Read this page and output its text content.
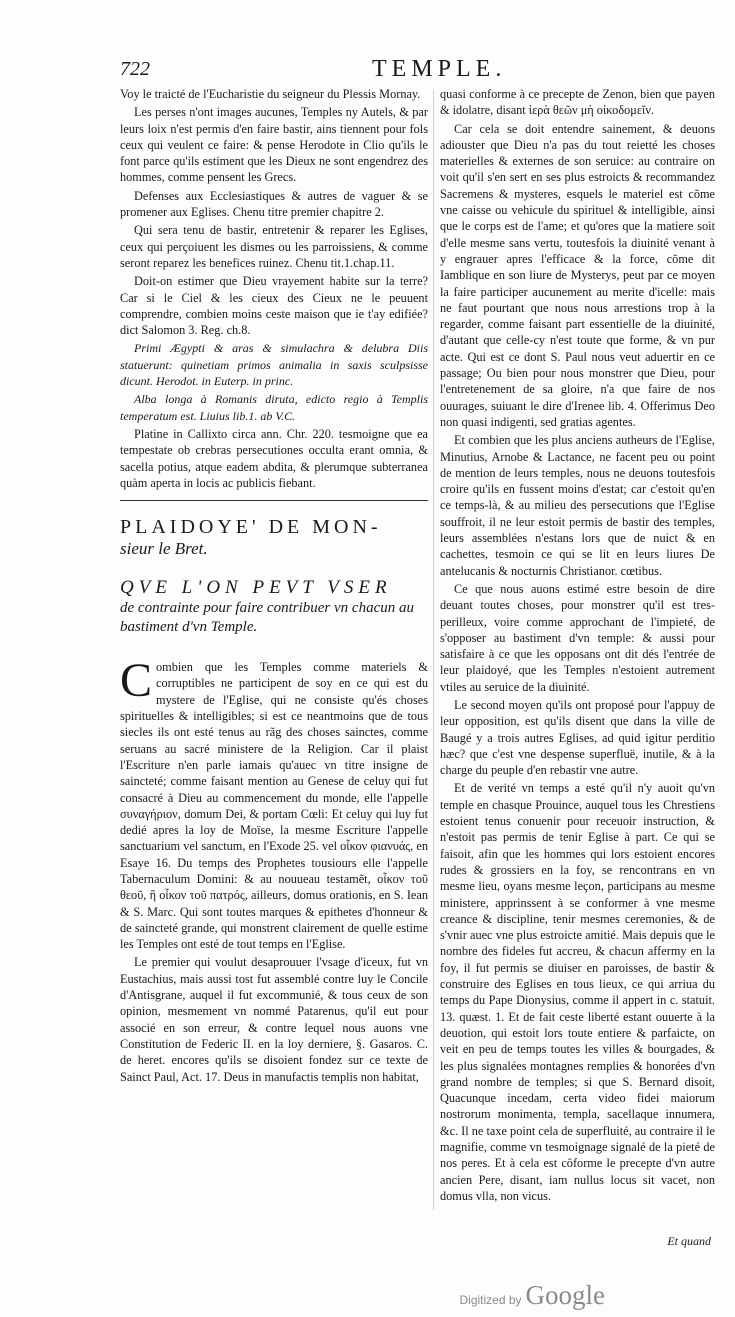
722	TEMPLE.

Voy le traicté de l'Eucharistie du seigneur du Plessis Mornay.

Les perses n'ont images aucunes, Temples ny Autels, & par leurs loix n'est permis d'en faire bastir, ains tiennent pour fols ceux qui veulent ce faire: & pense Herodote in Clio qu'ils le font parce qu'ils estiment que les Dieux ne sont engendrez des hommes, comme pensent les Grecs.

Defenses aux Ecclesiastiques & autres de vaguer & se promener aux Eglises. Chenu titre premier chapitre 2.

Qui sera tenu de bastir, entretenir & reparer les Eglises, ceux qui perçoiuent les dismes ou les parroissiens, & comme seront reparez les benefices ruinez. Chenu tit.1.chap.11.

Doit-on estimer que Dieu vrayement habite sur la terre? Car si le Ciel & les cieux des Cieux ne le peuuent comprendre, combien moins ceste maison que ie t'ay edifiée? dict Salomon 3. Reg. ch.8.

Primi Ægypti & aras & simulachra & delubra Diis statuerunt: quinetiam primos animalia in saxis sculpsisse dicunt. Herodot. in Euterp. in princ.

Alba longa à Romanis diruta, edicto regio à Templis temperatum est. Liuius lib.1. ab V.C.

Platine in Callixto circa ann. Chr. 220. tesmoigne que ea tempestate ob crebras persecutiones occulta erant omnia, & sacella potius, atque eadem abdita, & plerumque subterranea quàm aperta in locis ac publicis fiebant.

PLAIDOYE' DE MON-

sieur le Bret.

QVE L'ON PEVT VSER

de contrainte pour faire contribuer vn chacun au bastiment d'vn Temple.

Combien que les Temples comme materiels & corruptibles ne participent de soy en ce qui est du mystere de l'Eglise, qui ne consiste qu'és choses spirituelles & intelligibles; si est ce neantmoins que de tous siecles ils ont esté tenus au rãg des choses sainctes, comme seruans au sacré ministere de la Religion. Car il plaist l'Escriture n'en parle iamais qu'auec vn titre insigne de saincteté; comme faisant mention au Genese de celuy qui fut consacré à Dieu au commencement du monde, elle l'appelle συναγήριον, domum Dei, & portam Cœli: Et celuy qui luy fut dedié apres la loy de Moïse, la mesme Escriture l'appelle sanctuarium vel sanctum, en l'Exode 25. vel οἶκον φιανυάς, en Esaye 16. Du temps des Prophetes tousiours elle l'appelle Tabernaculum Domini: & au nouueau testamẽt, οἶκον τοῦ θεοῦ, ἢ οἶκον τοῦ πατρός, ailleurs, domus orationis, en S. Iean & S. Marc. Qui sont toutes marques & epithetes d'honneur & de saincteté grande, qui monstrent clairement de quelle estime les Temples ont esté de tout temps en l'Eglise.

Le premier qui voulut desaprouuer l'vsage d'iceux, fut vn Eustachius, mais aussi tost fut assemblé contre luy le Concile d'Antisgrane, auquel il fut excommunié, & tous ceux de son opinion, mesmement vn nommé Patarenus, qu'il eut pour associé en son erreur, & contre lequel nous auons vne Constitution de Federic II. en la loy derniere, §. Gasaros. C. de heret. encores qu'ils se disoient fondez sur ce texte de Sainct Paul, Act. 17. Deus in manufactis templis non habitat,

quasi conforme à ce precepte de Zenon, bien que payen & idolatre, disant ἱερὰ θεῶν μὴ οἰκοδομεῖν.

Car cela se doit entendre sainement, & deuons adiouster que Dieu n'a pas du tout reietté les choses materielles & externes de son seruice: au contraire on voit qu'il s'en sert en ses plus estroicts & recommandez Sacremens & mysteres, esquels le materiel est cõme vne caisse ou vehicule du spirituel & intelligible, ainsi que le corps est de l'ame; et qu'ores que la matiere soit d'elle mesme sans vertu, toutesfois la diuinité venant à y engrauer apres l'efficace & la force, cõme dit Iamblique en son liure de Mysterys, peut par ce moyen la faire participer aucunement au merite d'icelle: mais ne faut pourtant que nous nous arrestions trop à la regarder, comme faisant part essentielle de la diuinité, d'autant que celle-cy n'est toute que forme, & vn pur acte. Qui est ce dont S. Paul nous veut aduertir en ce passage; Ou bien pour nous monstrer que Dieu, pour l'entretenement de sa gloire, n'a que faire de nos ouurages, suiuant le dire d'Irenee lib. 4. Offerimus Deo non quasi indigenti, sed gratias agentes.

Et combien que les plus anciens autheurs de l'Eglise, Minutius, Arnobe & Lactance, ne facent peu ou point de mention de leurs temples, nous ne deuons toutesfois croire qu'ils en fussent moins d'estat; car c'estoit qu'en ce temps-là, & au milieu des persecutions que l'Eglise souffroit, il ne leur estoit permis de bastir des temples, leurs assemblées n'estans lors que de nuict & en cachettes, tesmoin ce qui se lit en leurs liures De antelucanis & nocturnis Christianor. cœtibus.

Ce que nous auons estimé estre besoin de dire deuant toutes choses, pour monstrer qu'il est tres-perilleux, voire comme approchant de l'impieté, de s'opposer au bastiment d'vn temple: & aussi pour satisfaire à ce que les opposans ont dit dés l'entrée de leur plaidoyé, que les Temples n'estoient autrement vtiles au seruice de la diuinité.

Le second moyen qu'ils ont proposé pour l'appuy de leur opposition, est qu'ils disent que dans la ville de Baugé y a trois autres Eglises, ad quid igitur perditio hæc? que c'est vne despense superfluë, inutile, & à la charge du peuple d'en rebastir vne autre.

Et de verité vn temps a esté qu'il n'y auoit qu'vn temple en chasque Prouince, auquel tous les Chrestiens estoient tenus conuenir pour receuoir instruction, & n'estoit pas permis de tenir Eglise à part. Ce qui se faisoit, afin que les hommes qui lors estoient encores rudes & grossiers en la foy, se rencontrans en vn mesme lieu, oyans mesme leçon, participans au mesme ministere, apprinssent à se conformer à vne mesme creance & discipline, tenir mesmes ceremonies, & de s'vnir auec vne plus estroicte amitié. Mais depuis que le nombre des fideles fut accreu, & chacun affermy en la foy, il fut permis se diuiser en paroisses, de bastir & construire des Eglises en tous lieux, ce qui arriua du temps du Pape Dionysius, comme il appert in c. statuit. 13. quæst. 1. Et de fait ceste liberté estant ouuerte à la deuotion, qui estoit lors toute entiere & parfaicte, on veit en peu de temps toutes les villes & bourgades, & les plus signalées montagnes remplies & honorées d'vn grand nombre de temples; si que S. Bernard disoit, Quacunque incedam, certa video fidei maiorum nostrorum monimenta, templa, sacellaque innumera, &c. Il ne taxe point cela de superfluité, au contraire il le magnifie, comme vn tesmoignage signalé de la pieté de nos peres. Et à cela est côforme le precepte d'vn autre ancien Pere, disant, iam nullus locus sit vacet, non domus vlla, non vicus.

Et quand
Digitized by Google
